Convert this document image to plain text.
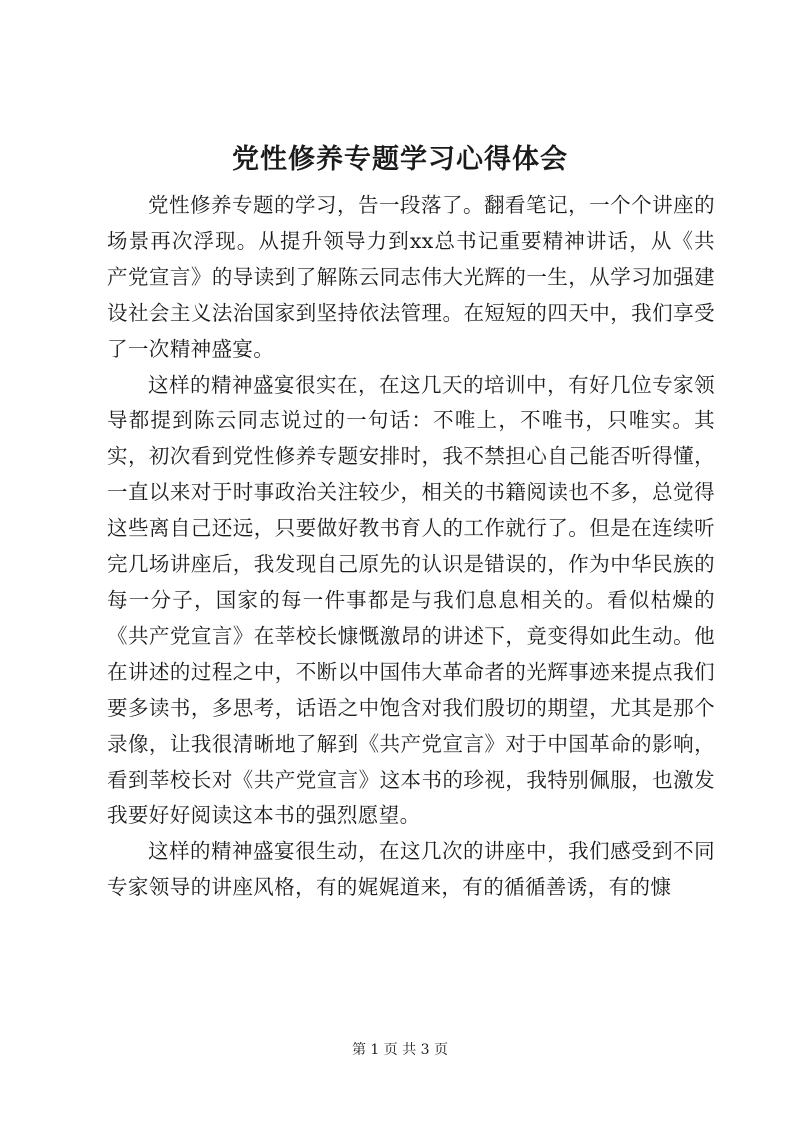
党性修养专题学习心得体会

党性修养专题的学习，告一段落了。翻看笔记，一个个讲座的场景再次浮现。从提升领导力到xx总书记重要精神讲话，从《共产党宣言》的导读到了解陈云同志伟大光辉的一生，从学习加强建设社会主义法治国家到坚持依法管理。在短短的四天中，我们享受了一次精神盛宴。

这样的精神盛宴很实在，在这几天的培训中，有好几位专家领导都提到陈云同志说过的一句话：不唯上，不唯书，只唯实。其实，初次看到党性修养专题安排时，我不禁担心自己能否听得懂，一直以来对于时事政治关注较少，相关的书籍阅读也不多，总觉得这些离自己还远，只要做好教书育人的工作就行了。但是在连续听完几场讲座后，我发现自己原先的认识是错误的，作为中华民族的每一分子，国家的每一件事都是与我们息息相关的。看似枯燥的《共产党宣言》在莘校长慷慨激昂的讲述下，竟变得如此生动。他在讲述的过程之中，不断以中国伟大革命者的光辉事迹来提点我们要多读书，多思考，话语之中饱含对我们殷切的期望，尤其是那个录像，让我很清晰地了解到《共产党宣言》对于中国革命的影响，看到莘校长对《共产党宣言》这本书的珍视，我特别佩服，也激发我要好好阅读这本书的强烈愿望。

这样的精神盛宴很生动，在这几次的讲座中，我们感受到不同专家领导的讲座风格，有的娓娓道来，有的循循善诱，有的慷

第 1 页 共 3 页
